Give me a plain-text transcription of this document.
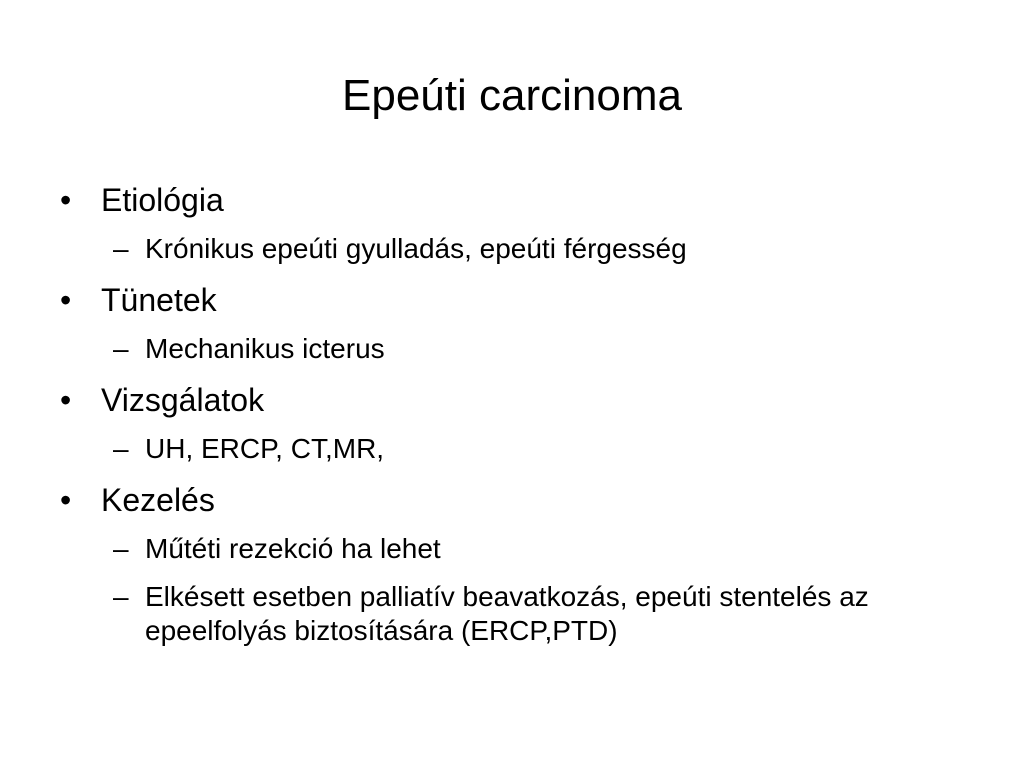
Epeúti carcinoma
• Etiológia
– Krónikus epeúti gyulladás, epeúti férgesség
• Tünetek
– Mechanikus icterus
• Vizsgálatok
– UH, ERCP, CT,MR,
• Kezelés
– Műtéti rezekció ha lehet
– Elkésett esetben palliatív beavatkozás, epeúti stentelés az epeelfolyás biztosítására (ERCP,PTD)
